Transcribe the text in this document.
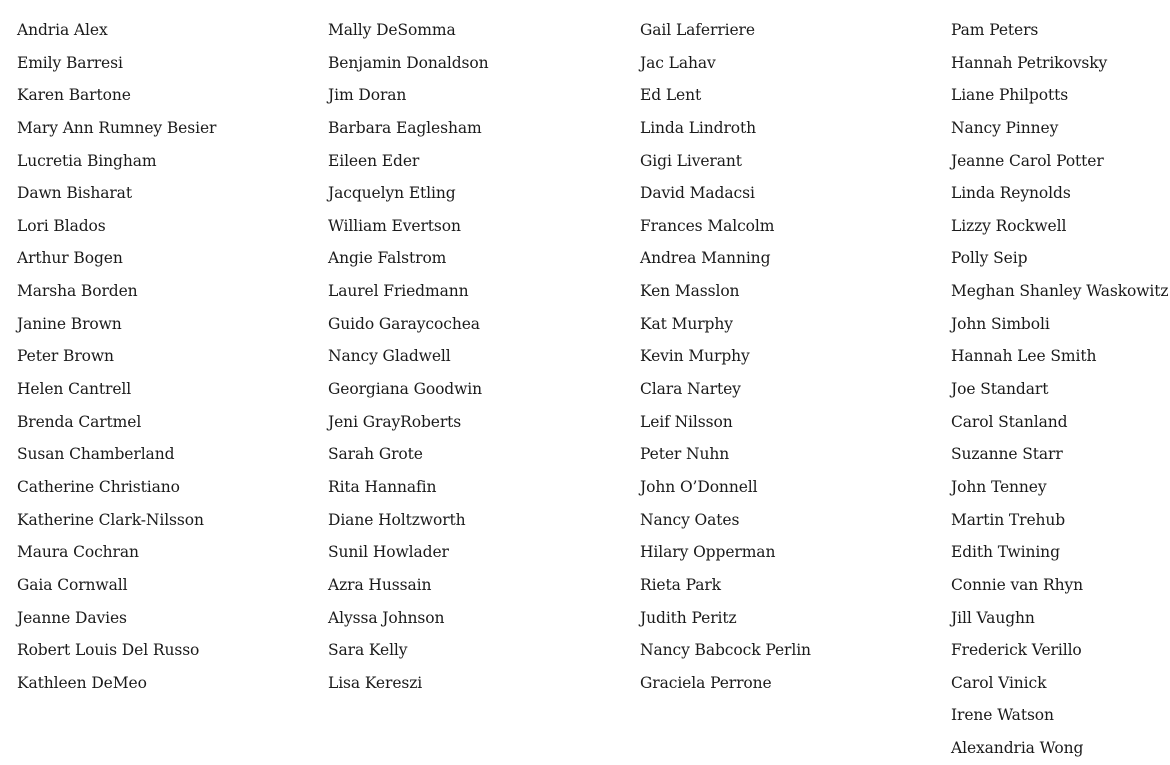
Andria Alex
Emily Barresi
Karen Bartone
Mary Ann Rumney Besier
Lucretia Bingham
Dawn Bisharat
Lori Blados
Arthur Bogen
Marsha Borden
Janine Brown
Peter Brown
Helen Cantrell
Brenda Cartmel
Susan Chamberland
Catherine Christiano
Katherine Clark-Nilsson
Maura Cochran
Gaia Cornwall
Jeanne Davies
Robert Louis Del Russo
Kathleen DeMeo
Mally DeSomma
Benjamin Donaldson
Jim Doran
Barbara Eaglesham
Eileen Eder
Jacquelyn Etling
William Evertson
Angie Falstrom
Laurel Friedmann
Guido Garaycochea
Nancy Gladwell
Georgiana Goodwin
Jeni GrayRoberts
Sarah Grote
Rita Hannafin
Diane Holtzworth
Sunil Howlader
Azra Hussain
Alyssa Johnson
Sara Kelly
Lisa Kereszi
Gail Laferriere
Jac Lahav
Ed Lent
Linda Lindroth
Gigi Liverant
David Madacsi
Frances Malcolm
Andrea Manning
Ken Masslon
Kat Murphy
Kevin Murphy
Clara Nartey
Leif Nilsson
Peter Nuhn
John O’Donnell
Nancy Oates
Hilary Opperman
Rieta Park
Judith Peritz
Nancy Babcock Perlin
Graciela Perrone
Pam Peters
Hannah Petrikovsky
Liane Philpotts
Nancy Pinney
Jeanne Carol Potter
Linda Reynolds
Lizzy Rockwell
Polly Seip
Meghan Shanley Waskowitz
John Simboli
Hannah Lee Smith
Joe Standart
Carol Stanland
Suzanne Starr
John Tenney
Martin Trehub
Edith Twining
Connie van Rhyn
Jill Vaughn
Frederick Verillo
Carol Vinick
Irene Watson
Alexandria Wong
